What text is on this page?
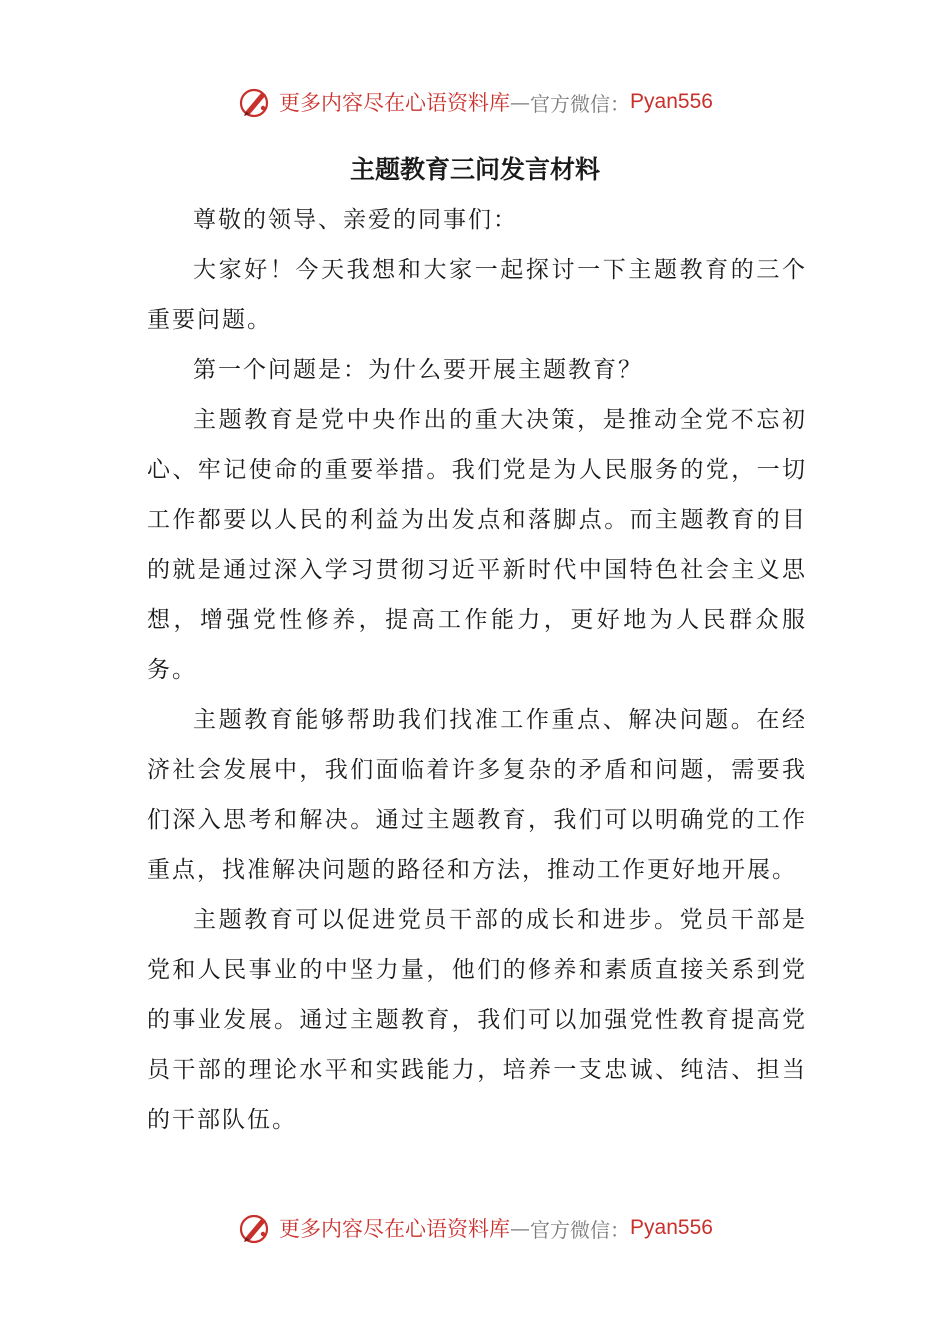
更多内容尽在心语资料库 — 官方微信： Pyan556
主题教育三问发言材料

尊敬的领导、亲爱的同事们：

大家好！今天我想和大家一起探讨一下主题教育的三个重要问题。

第一个问题是：为什么要开展主题教育？

主题教育是党中央作出的重大决策，是推动全党不忘初心、牢记使命的重要举措。我们党是为人民服务的党，一切工作都要以人民的利益为出发点和落脚点。而主题教育的目的就是通过深入学习贯彻习近平新时代中国特色社会主义思想，增强党性修养，提高工作能力，更好地为人民群众服务。

主题教育能够帮助我们找准工作重点、解决问题。在经济社会发展中，我们面临着许多复杂的矛盾和问题，需要我们深入思考和解决。通过主题教育，我们可以明确党的工作重点，找准解决问题的路径和方法，推动工作更好地开展。

主题教育可以促进党员干部的成长和进步。党员干部是党和人民事业的中坚力量，他们的修养和素质直接关系到党的事业发展。通过主题教育，我们可以加强党性教育提高党员干部的理论水平和实践能力，培养一支忠诚、纯洁、担当的干部队伍。

更多内容尽在心语资料库 — 官方微信： Pyan556
